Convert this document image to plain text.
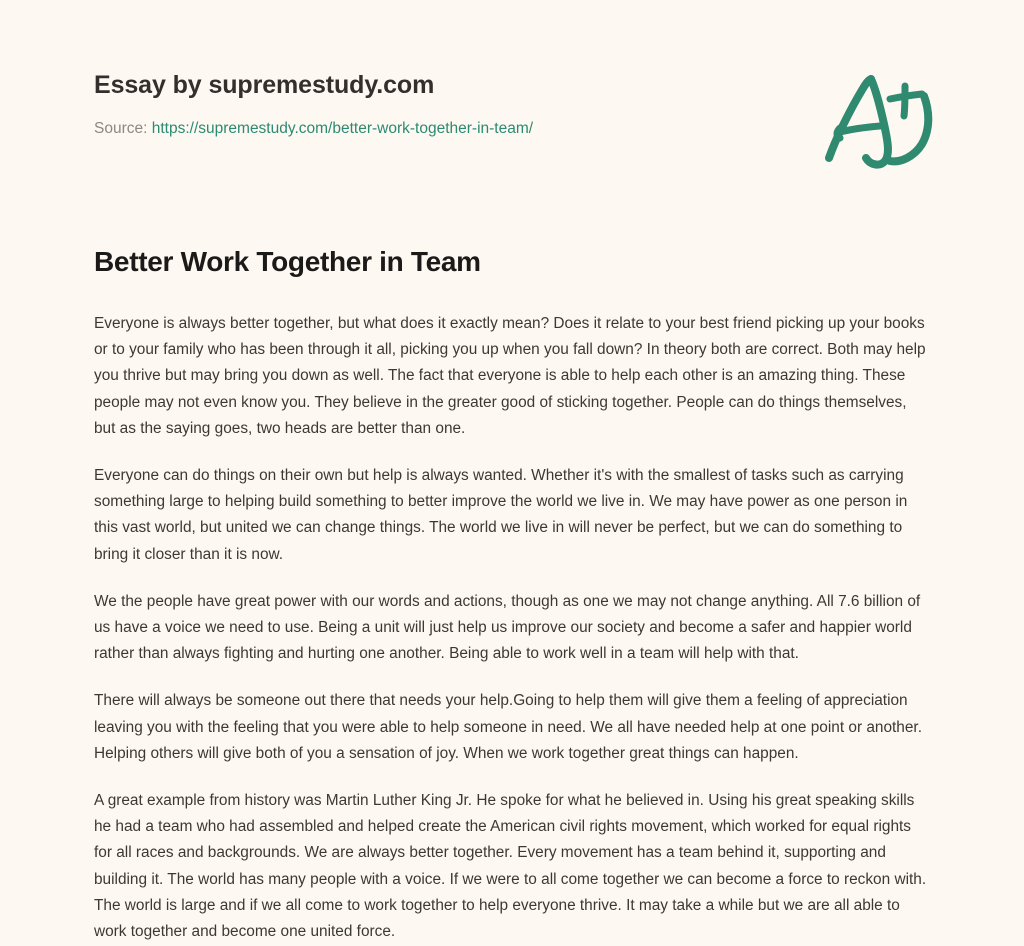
Essay by supremestudy.com
Source: https://supremestudy.com/better-work-together-in-team/
Better Work Together in Team

Everyone is always better together, but what does it exactly mean? Does it relate to your best friend picking up your books or to your family who has been through it all, picking you up when you fall down? In theory both are correct. Both may help you thrive but may bring you down as well. The fact that everyone is able to help each other is an amazing thing. These people may not even know you. They believe in the greater good of sticking together. People can do things themselves, but as the saying goes, two heads are better than one.

Everyone can do things on their own but help is always wanted. Whether it's with the smallest of tasks such as carrying something large to helping build something to better improve the world we live in. We may have power as one person in this vast world, but united we can change things. The world we live in will never be perfect, but we can do something to bring it closer than it is now.

We the people have great power with our words and actions, though as one we may not change anything. All 7.6 billion of us have a voice we need to use. Being a unit will just help us improve our society and become a safer and happier world rather than always fighting and hurting one another. Being able to work well in a team will help with that.

There will always be someone out there that needs your help.Going to help them will give them a feeling of appreciation leaving you with the feeling that you were able to help someone in need. We all have needed help at one point or another. Helping others will give both of you a sensation of joy. When we work together great things can happen.

A great example from history was Martin Luther King Jr. He spoke for what he believed in. Using his great speaking skills he had a team who had assembled and helped create the American civil rights movement, which worked for equal rights for all races and backgrounds. We are always better together. Every movement has a team behind it, supporting and building it. The world has many people with a voice. If we were to all come together we can become a force to reckon with. The world is large and if we all come to work together to help everyone thrive. It may take a while but we are all able to work together and become one united force.
